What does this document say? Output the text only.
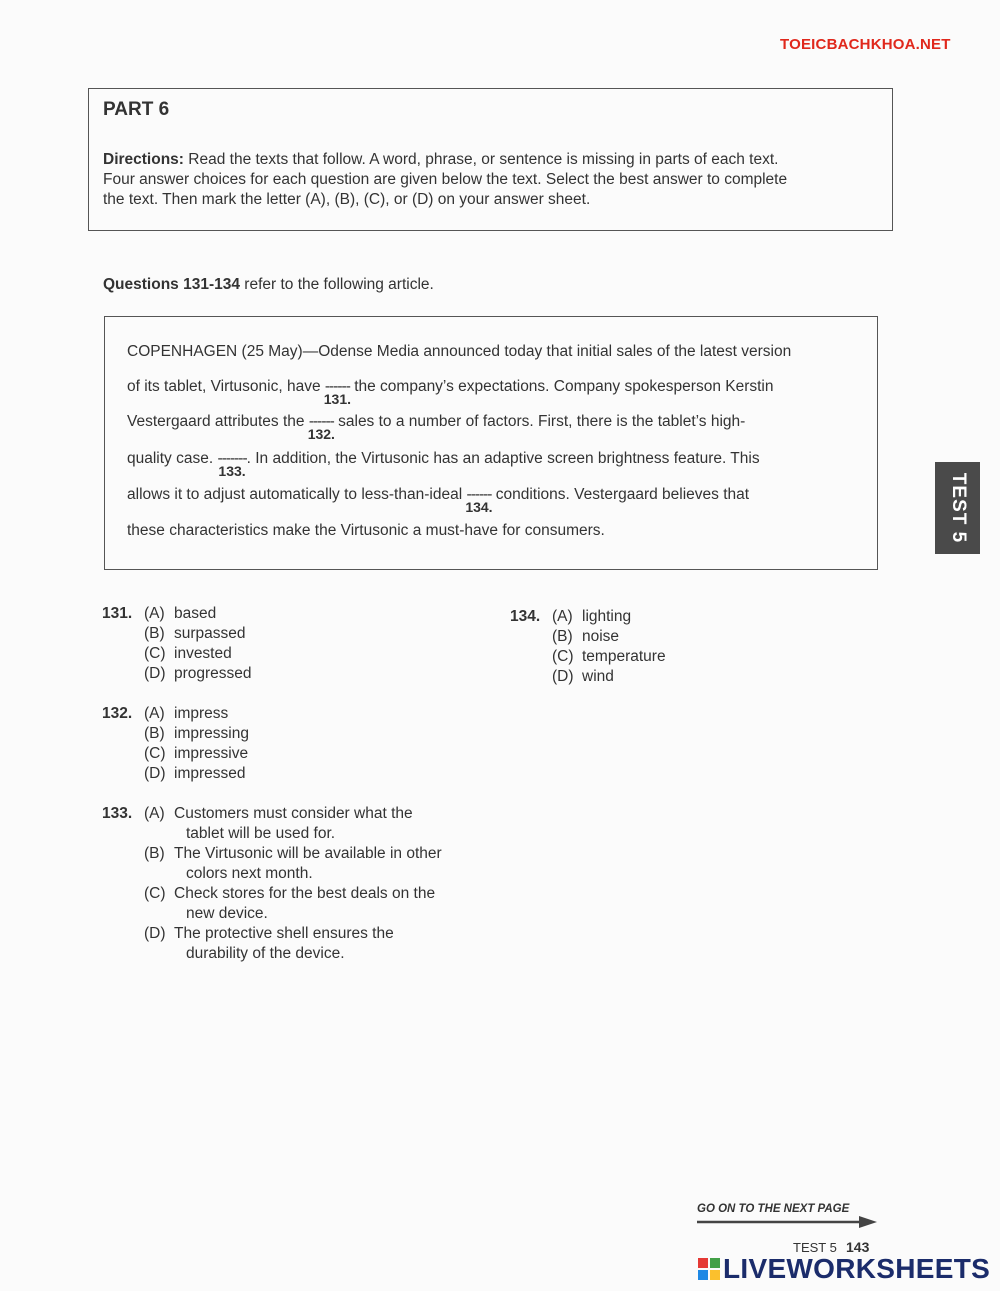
TOEICBACHKHOA.NET
PART 6
Directions: Read the texts that follow. A word, phrase, or sentence is missing in parts of each text.
Four answer choices for each question are given below the text. Select the best answer to complete
the text. Then mark the letter (A), (B), (C), or (D) on your answer sheet.
Questions 131-134 refer to the following article.
COPENHAGEN (25 May)—Odense Media announced today that initial sales of the latest version
of its tablet, Virtusonic, have ------
131.
the company’s expectations. Company spokesperson Kerstin
Vestergaard attributes the ------
132.
sales to a number of factors. First, there is the tablet’s high-
quality case. -------
133.
. In addition, the Virtusonic has an adaptive screen brightness feature. This
allows it to adjust automatically to less-than-ideal ------
134.
conditions. Vestergaard believes that
these characteristics make the Virtusonic a must-have for consumers.	TEST 5
131. (A) based
(B) surpassed
(C) invested
(D) progressed
132. (A) impress
(B) impressing
(C) impressive
(D) impressed
133. (A) Customers must consider what the tablet will be used for.
(B) The Virtusonic will be available in other colors next month.
(C) Check stores for the best deals on the new device.
(D) The protective shell ensures the durability of the device.
134. (A) lighting
(B) noise
(C) temperature
(D) wind
GO ON TO THE NEXT PAGE
TEST 5 143
LIVEWORKSHEETS
